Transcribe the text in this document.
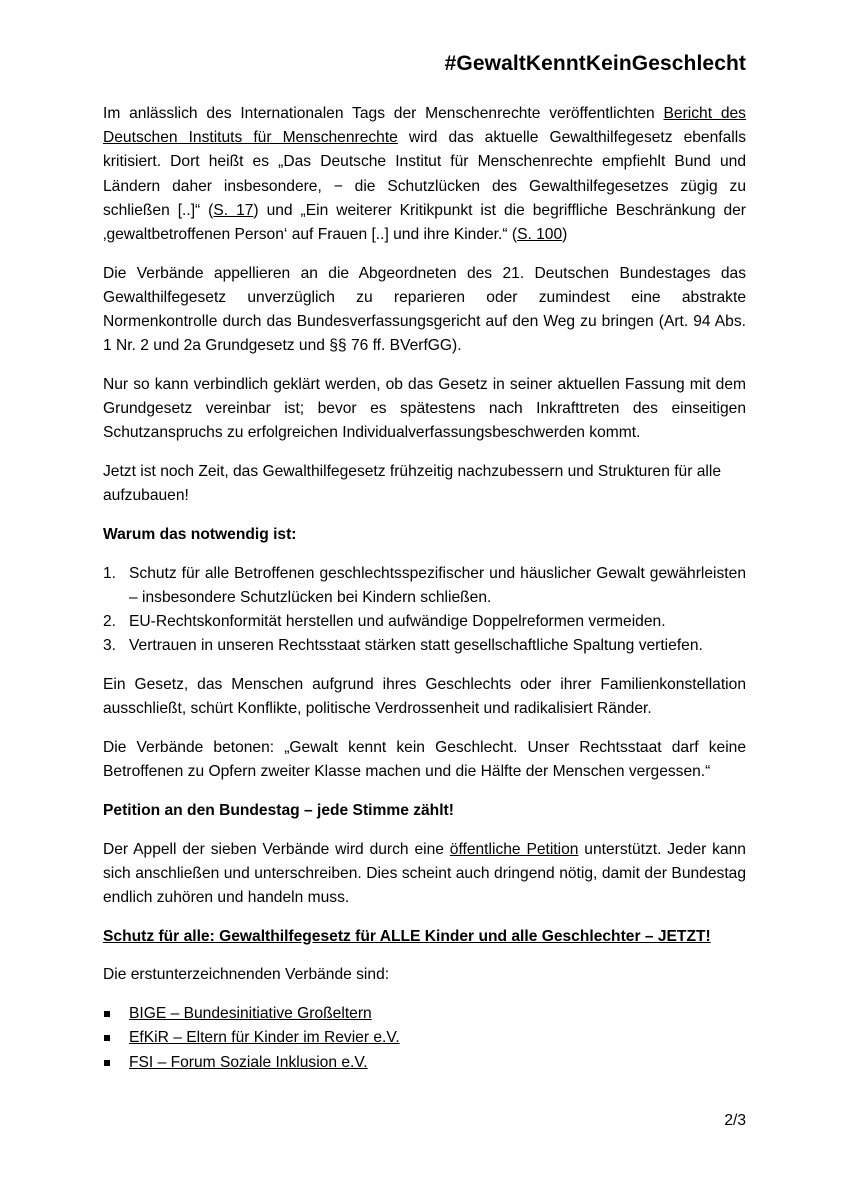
#GewaltKenntKeinGeschlecht

Im anlässlich des Internationalen Tags der Menschenrechte veröffentlichten Bericht des Deutschen Instituts für Menschenrechte wird das aktuelle Gewalthilfegesetz ebenfalls kritisiert. Dort heißt es „Das Deutsche Institut für Menschenrechte empfiehlt Bund und Ländern daher insbesondere, − die Schutzlücken des Gewalthilfegesetzes zügig zu schließen [..]“ (S. 17) und „Ein weiterer Kritikpunkt ist die begriffliche Beschränkung der ‚gewaltbetroffenen Person‘ auf Frauen [..] und ihre Kinder.“ (S. 100)

Die Verbände appellieren an die Abgeordneten des 21. Deutschen Bundestages das Gewalthilfegesetz unverzüglich zu reparieren oder zumindest eine abstrakte Normenkontrolle durch das Bundesverfassungsgericht auf den Weg zu bringen (Art. 94 Abs. 1 Nr. 2 und 2a Grundgesetz und §§ 76 ff. BVerfGG).

Nur so kann verbindlich geklärt werden, ob das Gesetz in seiner aktuellen Fassung mit dem Grundgesetz vereinbar ist; bevor es spätestens nach Inkrafttreten des einseitigen Schutzanspruchs zu erfolgreichen Individualverfassungsbeschwerden kommt.

Jetzt ist noch Zeit, das Gewalthilfegesetz frühzeitig nachzubessern und Strukturen für alle aufzubauen!

Warum das notwendig ist:

1. Schutz für alle Betroffenen geschlechtsspezifischer und häuslicher Gewalt gewährleisten – insbesondere Schutzlücken bei Kindern schließen.
2. EU-Rechtskonformität herstellen und aufwändige Doppelreformen vermeiden.
3. Vertrauen in unseren Rechtsstaat stärken statt gesellschaftliche Spaltung vertiefen.

Ein Gesetz, das Menschen aufgrund ihres Geschlechts oder ihrer Familienkonstellation ausschließt, schürt Konflikte, politische Verdrossenheit und radikalisiert Ränder.

Die Verbände betonen: „Gewalt kennt kein Geschlecht. Unser Rechtsstaat darf keine Betroffenen zu Opfern zweiter Klasse machen und die Hälfte der Menschen vergessen.“

Petition an den Bundestag – jede Stimme zählt!

Der Appell der sieben Verbände wird durch eine öffentliche Petition unterstützt. Jeder kann sich anschließen und unterschreiben. Dies scheint auch dringend nötig, damit der Bundestag endlich zuhören und handeln muss.

Schutz für alle: Gewalthilfegesetz für ALLE Kinder und alle Geschlechter – JETZT!

Die erstunterzeichnenden Verbände sind:

BIGE – Bundesinitiative Großeltern
EfKiR – Eltern für Kinder im Revier e.V.
FSI – Forum Soziale Inklusion e.V.
2/3
